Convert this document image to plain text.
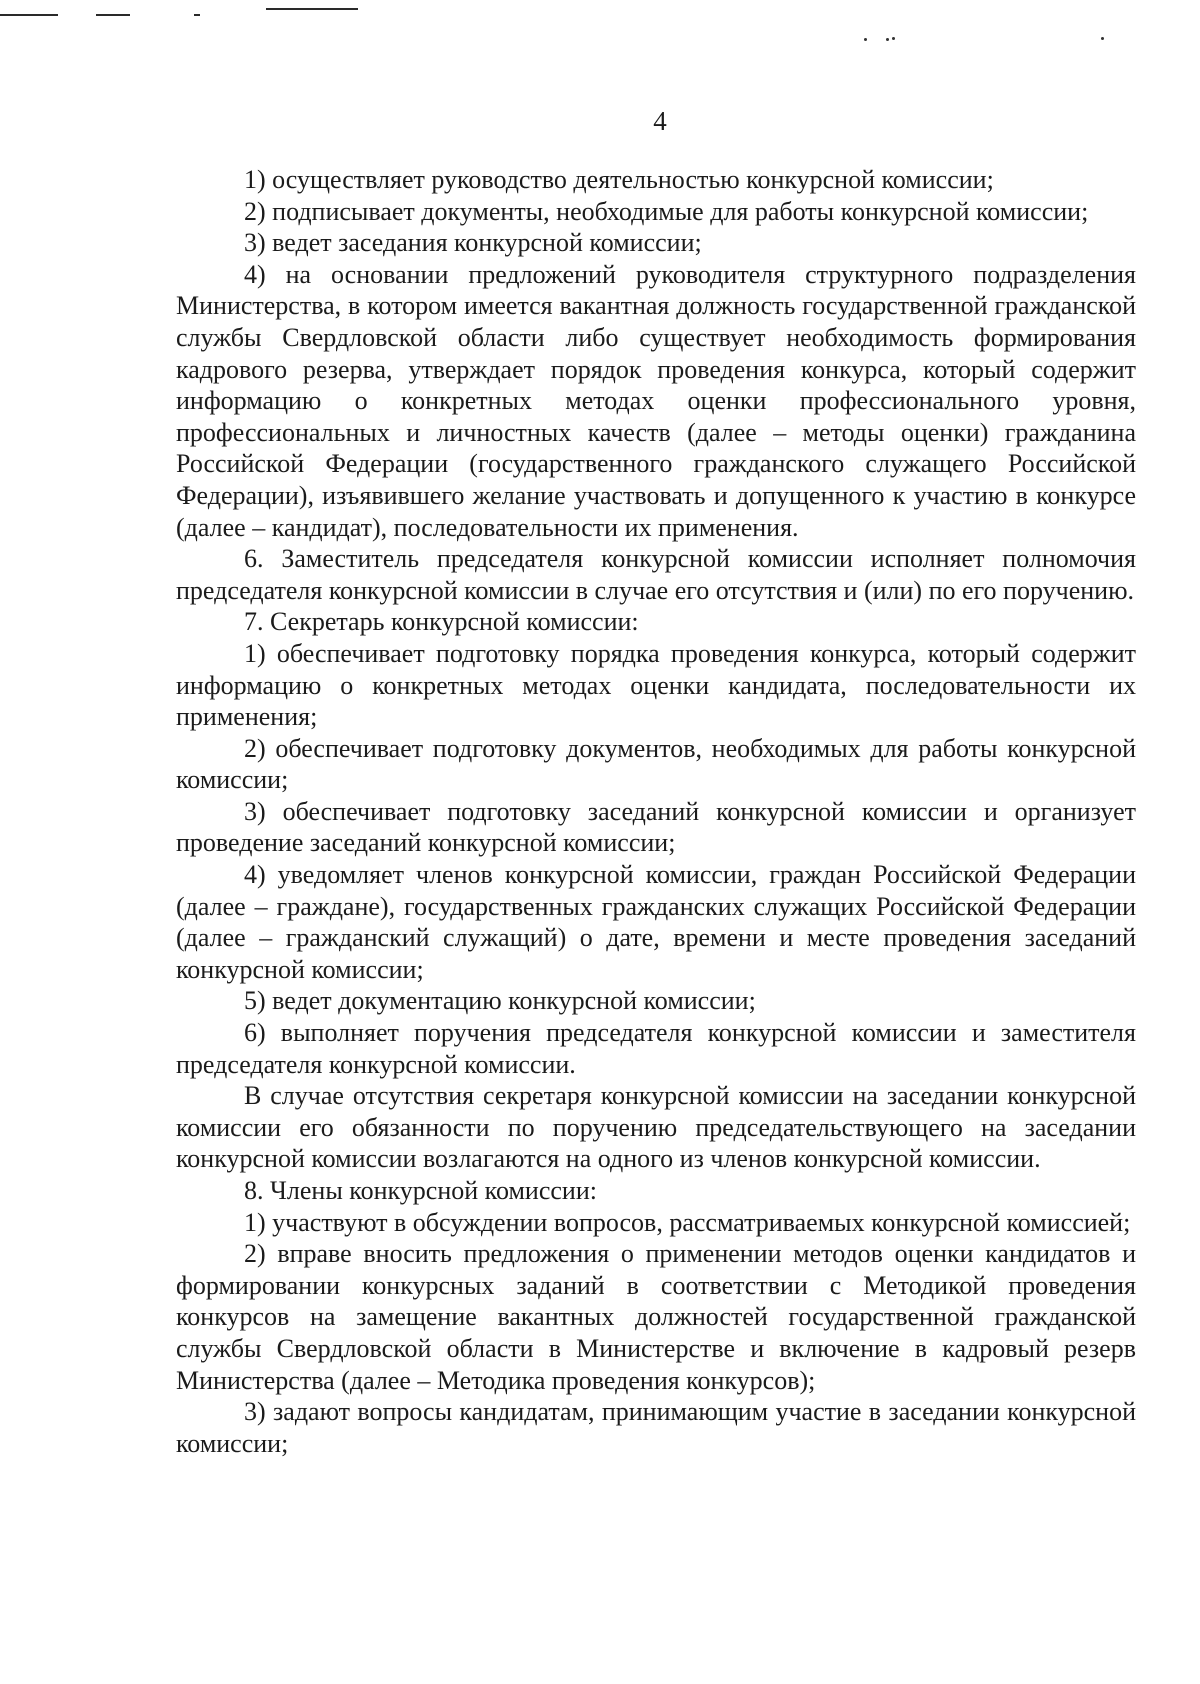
4

1) осуществляет руководство деятельностью конкурсной комиссии;

2) подписывает документы, необходимые для работы конкурсной комиссии;

3) ведет заседания конкурсной комиссии;

4) на основании предложений руководителя структурного подразделения Министерства, в котором имеется вакантная должность государственной гражданской службы Свердловской области либо существует необходимость формирования кадрового резерва, утверждает порядок проведения конкурса, который содержит информацию о конкретных методах оценки профессионального уровня, профессиональных и личностных качеств (далее – методы оценки) гражданина Российской Федерации (государственного гражданского служащего Российской Федерации), изъявившего желание участвовать и допущенного к участию в конкурсе (далее – кандидат), последовательности их применения.

6. Заместитель председателя конкурсной комиссии исполняет полномочия председателя конкурсной комиссии в случае его отсутствия и (или) по его поручению.

7. Секретарь конкурсной комиссии:

1) обеспечивает подготовку порядка проведения конкурса, который содержит информацию о конкретных методах оценки кандидата, последовательности их применения;

2) обеспечивает подготовку документов, необходимых для работы конкурсной комиссии;

3) обеспечивает подготовку заседаний конкурсной комиссии и организует проведение заседаний конкурсной комиссии;

4) уведомляет членов конкурсной комиссии, граждан Российской Федерации (далее – граждане), государственных гражданских служащих Российской Федерации (далее – гражданский служащий) о дате, времени и месте проведения заседаний конкурсной комиссии;

5) ведет документацию конкурсной комиссии;

6) выполняет поручения председателя конкурсной комиссии и заместителя председателя конкурсной комиссии.

В случае отсутствия секретаря конкурсной комиссии на заседании конкурсной комиссии его обязанности по поручению председательствующего на заседании конкурсной комиссии возлагаются на одного из членов конкурсной комиссии.

8. Члены конкурсной комиссии:

1) участвуют в обсуждении вопросов, рассматриваемых конкурсной комиссией;

2) вправе вносить предложения о применении методов оценки кандидатов и формировании конкурсных заданий в соответствии с Методикой проведения конкурсов на замещение вакантных должностей государственной гражданской службы Свердловской области в Министерстве и включение в кадровый резерв Министерства (далее – Методика проведения конкурсов);

3) задают вопросы кандидатам, принимающим участие в заседании конкурсной комиссии;
